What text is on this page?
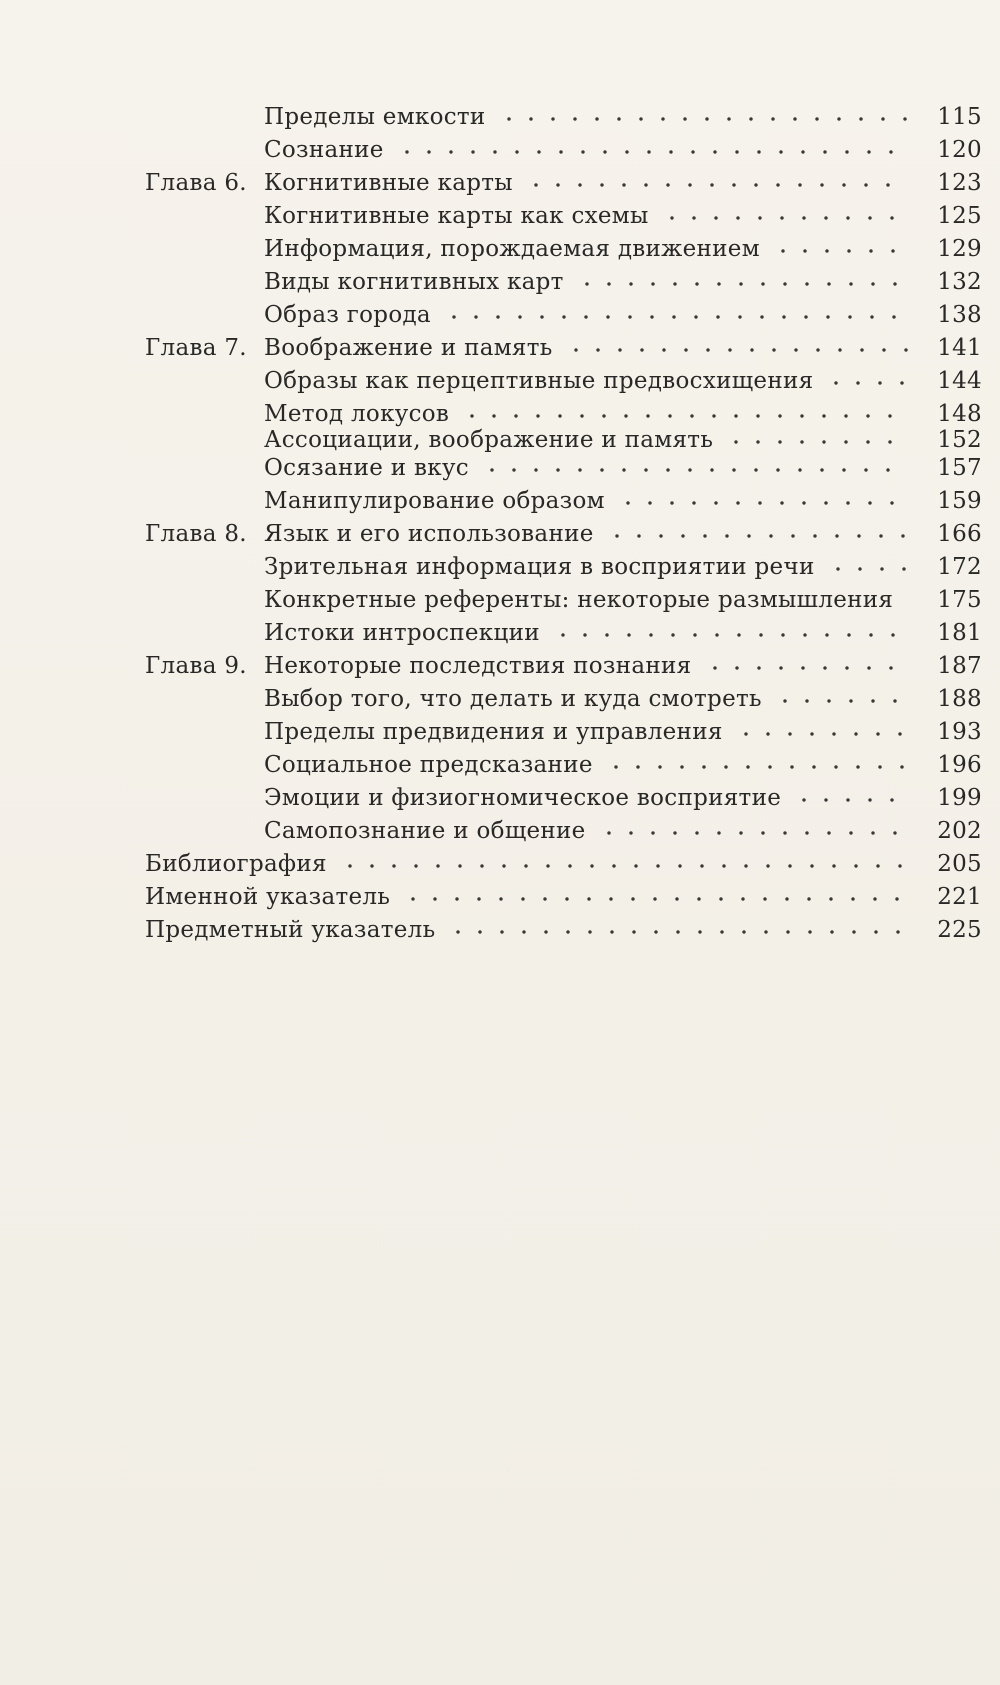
Пределы емкости	115
Сознание	120
Глава 6. Когнитивные карты	123
Когнитивные карты как схемы	125
Информация, порождаемая движением	129
Виды когнитивных карт	132
Образ города	138
Глава 7. Воображение и память	141
Образы как перцептивные предвосхищения	144
Метод локусов	148
Ассоциации, воображение и память	152
Осязание и вкус	157
Манипулирование образом	159
Глава 8. Язык и его использование	166
Зрительная информация в восприятии речи	172
Конкретные референты: некоторые размышления	175
Истоки интроспекции	181
Глава 9. Некоторые последствия познания	187
Выбор того, что делать и куда смотреть	188
Пределы предвидения и управления	193
Социальное предсказание	196
Эмоции и физиогномическое восприятие	199
Самопознание и общение	202
Библиография	205
Именной указатель	221
Предметный указатель	225
